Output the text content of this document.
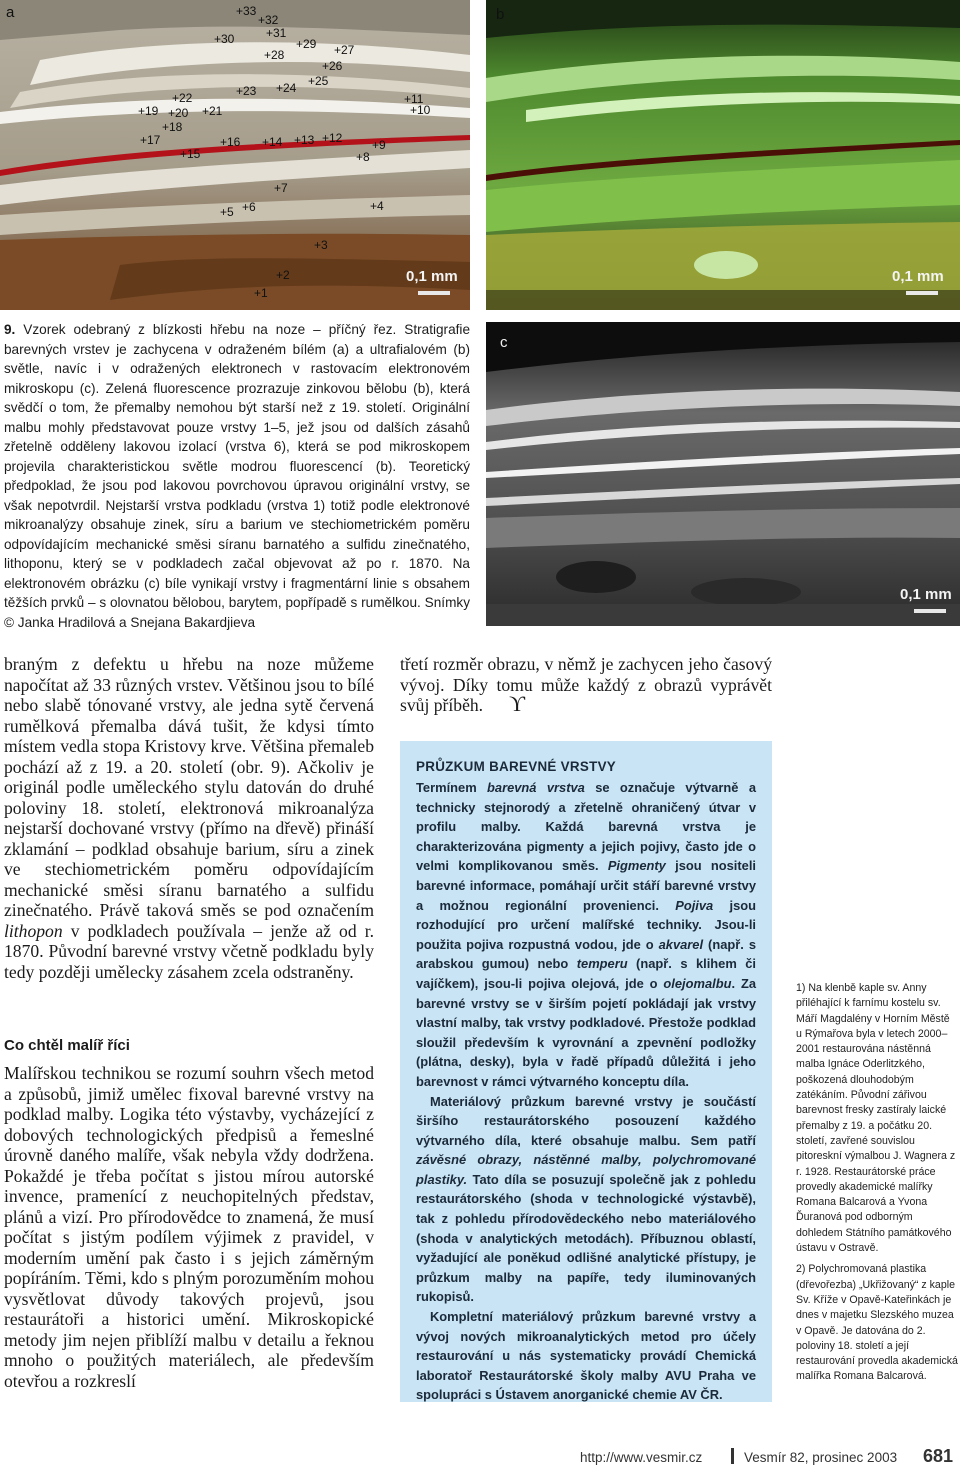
a	+33
+32
+31
+30	+29
+28	+27
+26
+25
+24
+23
+22
+21
+20
+19
+18
+17	+16
+15
+14 +13 +12
+11
+10
+9
+8
+7
+6
+5	+4
+3
+2
+1
0,1 mm
b
0,1 mm
9. Vzorek odebraný z blízkosti hřebu na noze – příčný řez. Stratigrafie barevných vrstev je zachycena v odraženém bílém (a) a ultrafialovém (b) světle, navíc i v odražených elektronech v rastovacím elektronovém mikroskopu (c). Zelená fluorescence prozrazuje zinkovou bělobu (b), která svědčí o tom, že přemalby nemohou být starší než z 19. století. Originální malbu mohly představovat pouze vrstvy 1–5, jež jsou od dalších zásahů zřetelně odděleny lakovou izolací (vrstva 6), která se pod mikroskopem projevila charakteristickou světle modrou fluorescencí (b). Teoretický předpoklad, že jsou pod lakovou povrchovou úpravou originální vrstvy, se však nepotvrdil. Nejstarší vrstva podkladu (vrstva 1) totiž podle elektronové mikroanalýzy obsahuje zinek, síru a barium ve stechiometrickém poměru odpovídajícím mechanické směsi síranu barnatého a sulfidu zinečnatého, lithoponu, který se v podkladech začal objevovat až po r. 1870. Na elektronovém obrázku (c) bíle vynikají vrstvy i fragmentární linie s obsahem těžších prvků – s olovnatou bělobou, barytem, popřípadě s rumělkou. Snímky © Janka Hradilová a Snejana Bakardjieva
c
0,1 mm

braným z defektu u hřebu na noze můžeme napočítat až 33 různých vrstev. Většinou jsou to bílé nebo slabě tónované vrstvy, ale jedna sytě červená rumělková přemalba dává tušit, že kdysi tímto místem vedla stopa Kristovy krve. Většina přemaleb pochází až z 19. a 20. století (obr. 9). Ačkoliv je originál podle uměleckého stylu datován do druhé poloviny 18. století, elektronová mikroanalýza nejstarší dochované vrstvy (přímo na dřevě) přináší zklamání – podklad obsahuje barium, síru a zinek ve stechiometrickém poměru odpovídajícím mechanické směsi síranu barnatého a sulfidu zinečnatého. Právě taková směs se pod označením lithopon v podkladech používala – jenže až od r. 1870. Původní barevné vrstvy včetně podkladu byly tedy později umělecky zásahem zcela odstraněny.

Co chtěl malíř říci

Malířskou technikou se rozumí souhrn všech metod a způsobů, jimiž umělec fixoval barevné vrstvy na podklad malby. Logika této výstavby, vycházející z dobových technologických předpisů a řemeslné úrovně daného malíře, však nebyla vždy dodržena. Pokaždé je třeba počítat s jistou mírou autorské invence, pramenící z neuchopitelných představ, plánů a vizí. Pro přírodovědce to znamená, že musí počítat s jistým podílem výjimek z pravidel, v moderním umění pak často i s jejich záměrným popíráním. Těmi, kdo s plným porozuměním mohou vysvětlovat důvody takových projevů, jsou restaurátoři a historici umění. Mikroskopické metody jim nejen přiblíží malbu v detailu a řeknou mnoho o použitých materiálech, ale především otevřou a rozkreslí

třetí rozměr obrazu, v němž je zachycen jeho časový vývoj. Díky tomu může každý z obrazů vyprávět svůj příběh. ϒ

PRŮZKUM BAREVNÉ VRSTVY

Termínem barevná vrstva se označuje výtvarně a technicky stejnorodý a zřetelně ohraničený útvar v profilu malby. Každá barevná vrstva je charakterizována pigmenty a jejich pojivy, často jde o velmi komplikovanou směs. Pigmenty jsou nositeli barevné informace, pomáhají určit stáří barevné vrstvy a možnou regionální provenienci. Pojiva jsou rozhodující pro určení malířské techniky. Jsou-li použita pojiva rozpustná vodou, jde o akvarel (např. s arabskou gumou) nebo temperu (např. s klihem či vajíčkem), jsou-li pojiva olejová, jde o olejomalbu. Za barevné vrstvy se v širším pojetí pokládají jak vrstvy vlastní malby, tak vrstvy podkladové. Přestože podklad sloužil především k vyrovnání a zpevnění podložky (plátna, desky), byla v řadě případů důležitá i jeho barevnost v rámci výtvarného konceptu díla.

Materiálový průzkum barevné vrstvy je součástí širšího restaurátorského posouzení každého výtvarného díla, které obsahuje malbu. Sem patří závěsné obrazy, nástěnné malby, polychromované plastiky. Tato díla se posuzují společně jak z pohledu restaurátorského (shoda v technologické výstavbě), tak z pohledu přírodovědeckého nebo materiálového (shoda v analytických metodách). Příbuznou oblastí, vyžadující ale poněkud odlišné analytické přístupy, je průzkum malby na papíře, tedy iluminovaných rukopisů.

Kompletní materiálový průzkum barevné vrstvy a vývoj nových mikroanalytických metod pro účely restaurování u nás systematicky provádí Chemická laboratoř Restaurátorské školy malby AVU Praha ve spolupráci s Ústavem anorganické chemie AV ČR.

1) Na klenbě kaple sv. Anny přiléhající k farnímu kostelu sv. Máří Magdalény v Horním Městě u Rýmařova byla v letech 2000–2001 restaurována nástěnná malba Ignáce Oderlitzkého, poškozená dlouhodobým zatékáním. Původní zářivou barevnost fresky zastíraly laické přemalby z 19. a počátku 20. století, zavřené souvislou pitoreskní výmalbou J. Wagnera z r. 1928. Restaurátorské práce provedly akademické malířky Romana Balcarová a Yvona Ďuranová pod odborným dohledem Státního památkového ústavu v Ostravě.

2) Polychromovaná plastika (dřevořezba) „Ukřižovaný“ z kaple Sv. Kříže v Opavě-Kateřinkách je dnes v majetku Slezského muzea v Opavě. Je datována do 2. poloviny 18. století a její restaurování provedla akademická malířka Romana Balcarová.

http://www.vesmir.cz	Vesmír 82, prosinec 2003 681
